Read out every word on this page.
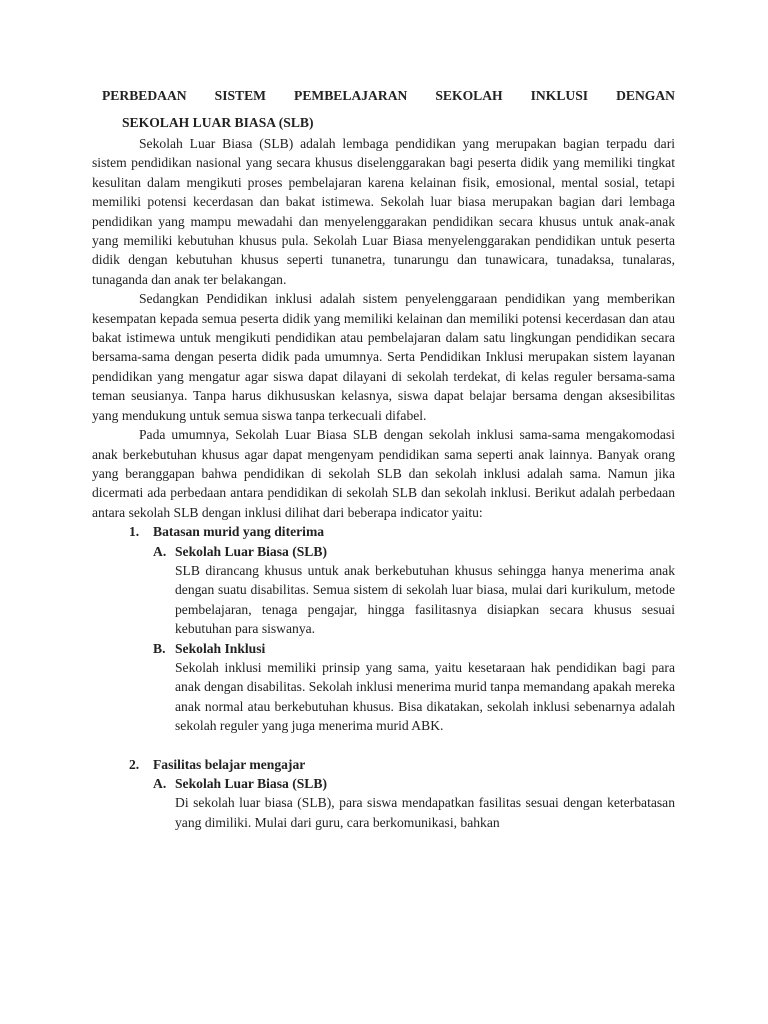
PERBEDAAN SISTEM PEMBELAJARAN SEKOLAH INKLUSI DENGAN
SEKOLAH LUAR BIASA (SLB)

Sekolah Luar Biasa (SLB) adalah lembaga pendidikan yang merupakan bagian terpadu dari sistem pendidikan nasional yang secara khusus diselenggarakan bagi peserta didik yang memiliki tingkat kesulitan dalam mengikuti proses pembelajaran karena kelainan fisik, emosional, mental sosial, tetapi memiliki potensi kecerdasan dan bakat istimewa. Sekolah luar biasa merupakan bagian dari lembaga pendidikan yang mampu mewadahi dan menyelenggarakan pendidikan secara khusus untuk anak-anak yang memiliki kebutuhan khusus pula. Sekolah Luar Biasa menyelenggarakan pendidikan untuk peserta didik dengan kebutuhan khusus seperti tunanetra, tunarungu dan tunawicara, tunadaksa, tunalaras, tunaganda dan anak ter belakangan.

Sedangkan Pendidikan inklusi adalah sistem penyelenggaraan pendidikan yang memberikan kesempatan kepada semua peserta didik yang memiliki kelainan dan memiliki potensi kecerdasan dan atau bakat istimewa untuk mengikuti pendidikan atau pembelajaran dalam satu lingkungan pendidikan secara bersama-sama dengan peserta didik pada umumnya. Serta Pendidikan Inklusi merupakan sistem layanan pendidikan yang mengatur agar siswa dapat dilayani di sekolah terdekat, di kelas reguler bersama-sama teman seusianya. Tanpa harus dikhususkan kelasnya, siswa dapat belajar bersama dengan aksesibilitas yang mendukung untuk semua siswa tanpa terkecuali difabel.

Pada umumnya, Sekolah Luar Biasa SLB dengan sekolah inklusi sama-sama mengakomodasi anak berkebutuhan khusus agar dapat mengenyam pendidikan sama seperti anak lainnya. Banyak orang yang beranggapan bahwa pendidikan di sekolah SLB dan sekolah inklusi adalah sama. Namun jika dicermati ada perbedaan antara pendidikan di sekolah SLB dan sekolah inklusi. Berikut adalah perbedaan antara sekolah SLB dengan inklusi dilihat dari beberapa indicator yaitu:

1.	Batasan murid yang diterima
A. Sekolah Luar Biasa (SLB)
SLB dirancang khusus untuk anak berkebutuhan khusus sehingga hanya menerima anak dengan suatu disabilitas. Semua sistem di sekolah luar biasa, mulai dari kurikulum, metode pembelajaran, tenaga pengajar, hingga fasilitasnya disiapkan secara khusus sesuai kebutuhan para siswanya.
B. Sekolah Inklusi
Sekolah inklusi memiliki prinsip yang sama, yaitu kesetaraan hak pendidikan bagi para anak dengan disabilitas. Sekolah inklusi menerima murid tanpa memandang apakah mereka anak normal atau berkebutuhan khusus. Bisa dikatakan, sekolah inklusi sebenarnya adalah sekolah reguler yang juga menerima murid ABK.
2.	Fasilitas belajar mengajar
A. Sekolah Luar Biasa (SLB)
Di sekolah luar biasa (SLB), para siswa mendapatkan fasilitas sesuai dengan keterbatasan yang dimiliki. Mulai dari guru, cara berkomunikasi, bahkan
